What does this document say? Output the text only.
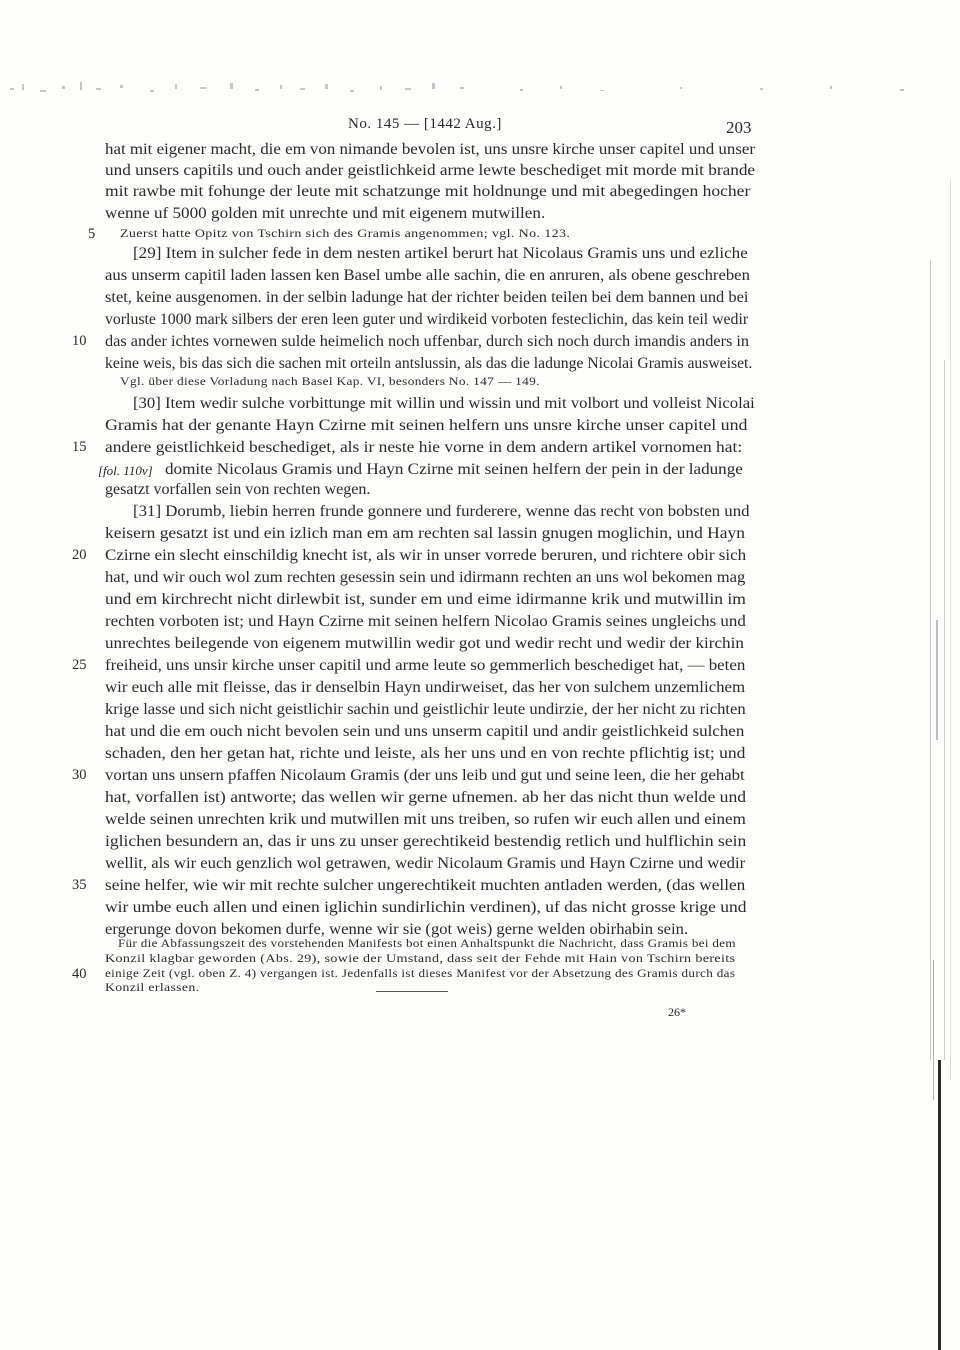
No. 145 — [1442 Aug.]	203
hat mit eigener macht, die em von nimande bevolen ist, uns unsre kirche unser capitel und unser
und unsers capitils und ouch ander geistlichkeid arme lewte beschediget mit morde mit brande
mit rawbe mit fohunge der leute mit schatzunge mit holdnunge und mit abegedingen hocher
wenne uf 5000 golden mit unrechte und mit eigenem mutwillen.
Zuerst hatte Opitz von Tschirn sich des Gramis angenommen; vgl. No. 123.
5
[29] Item in sulcher fede in dem nesten artikel berurt hat Nicolaus Gramis uns und ezliche
aus unserm capitil laden lassen ken Basel umbe alle sachin, die en anruren, als obene geschreben
stet, keine ausgenomen. in der selbin ladunge hat der richter beiden teilen bei dem bannen und bei
vorluste 1000 mark silbers der eren leen guter und wirdikeid vorboten festeclichin, das kein teil wedir
das ander ichtes vornewen sulde heimelich noch uffenbar, durch sich noch durch imandis anders in
10
keine weis, bis das sich die sachen mit orteiln antslussin, als das die ladunge Nicolai Gramis ausweiset.
Vgl. über diese Vorladung nach Basel Kap. VI, besonders No. 147 — 149.
[30] Item wedir sulche vorbittunge mit willin und wissin und mit volbort und volleist Nicolai
Gramis hat der genante Hayn Czirne mit seinen helfern uns unsre kirche unser capitel und
andere geistlichkeid beschediget, als ir neste hie vorne in dem andern artikel vornomen hat:
15
domite Nicolaus Gramis und Hayn Czirne mit seinen helfern der pein in der ladunge
[fol. 110v]
gesatzt vorfallen sein von rechten wegen.
[31] Dorumb, liebin herren frunde gonnere und furderere, wenne das recht von bobsten und
keisern gesatzt ist und ein izlich man em am rechten sal lassin gnugen moglichin, und Hayn
Czirne ein slecht einschildig knecht ist, als wir in unser vorrede beruren, und richtere obir sich
20
hat, und wir ouch wol zum rechten gesessin sein und idirmann rechten an uns wol bekomen mag
und em kirchrecht nicht dirlewbit ist, sunder em und eime idirmanne krik und mutwillin im
rechten vorboten ist; und Hayn Czirne mit seinen helfern Nicolao Gramis seines ungleichs und
unrechtes beilegende von eigenem mutwillin wedir got und wedir recht und wedir der kirchin
freiheid, uns unsir kirche unser capitil und arme leute so gemmerlich beschediget hat, — beten
25
wir euch alle mit fleisse, das ir denselbin Hayn undirweiset, das her von sulchem unzemlichem
krige lasse und sich nicht geistlichir sachin und geistlichir leute undirzie, der her nicht zu richten
hat und die em ouch nicht bevolen sein und uns unserm capitil und andir geistlichkeid sulchen
schaden, den her getan hat, richte und leiste, als her uns und en von rechte pflichtig ist; und
vortan uns unsern pfaffen Nicolaum Gramis (der uns leib und gut und seine leen, die her gehabt
30
hat, vorfallen ist) antworte; das wellen wir gerne ufnemen. ab her das nicht thun welde und
welde seinen unrechten krik und mutwillen mit uns treiben, so rufen wir euch allen und einem
iglichen besundern an, das ir uns zu unser gerechtikeid bestendig retlich und hulflichin sein
wellit, als wir euch genzlich wol getrawen, wedir Nicolaum Gramis und Hayn Czirne und wedir
seine helfer, wie wir mit rechte sulcher ungerechtikeit muchten antladen werden, (das wellen
35
wir umbe euch allen und einen iglichin sundirlichin verdinen), uf das nicht grosse krige und
ergerunge dovon bekomen durfe, wenne wir sie (got weis) gerne welden obirhabin sein.
Für die Abfassungszeit des vorstehenden Manifests bot einen Anhaltspunkt die Nachricht, dass Gramis bei dem
Konzil klagbar geworden (Abs. 29), sowie der Umstand, dass seit der Fehde mit Hain von Tschirn bereits
einige Zeit (vgl. oben Z. 4) vergangen ist. Jedenfalls ist dieses Manifest vor der Absetzung des Gramis durch das
40
Konzil erlassen.
26*
